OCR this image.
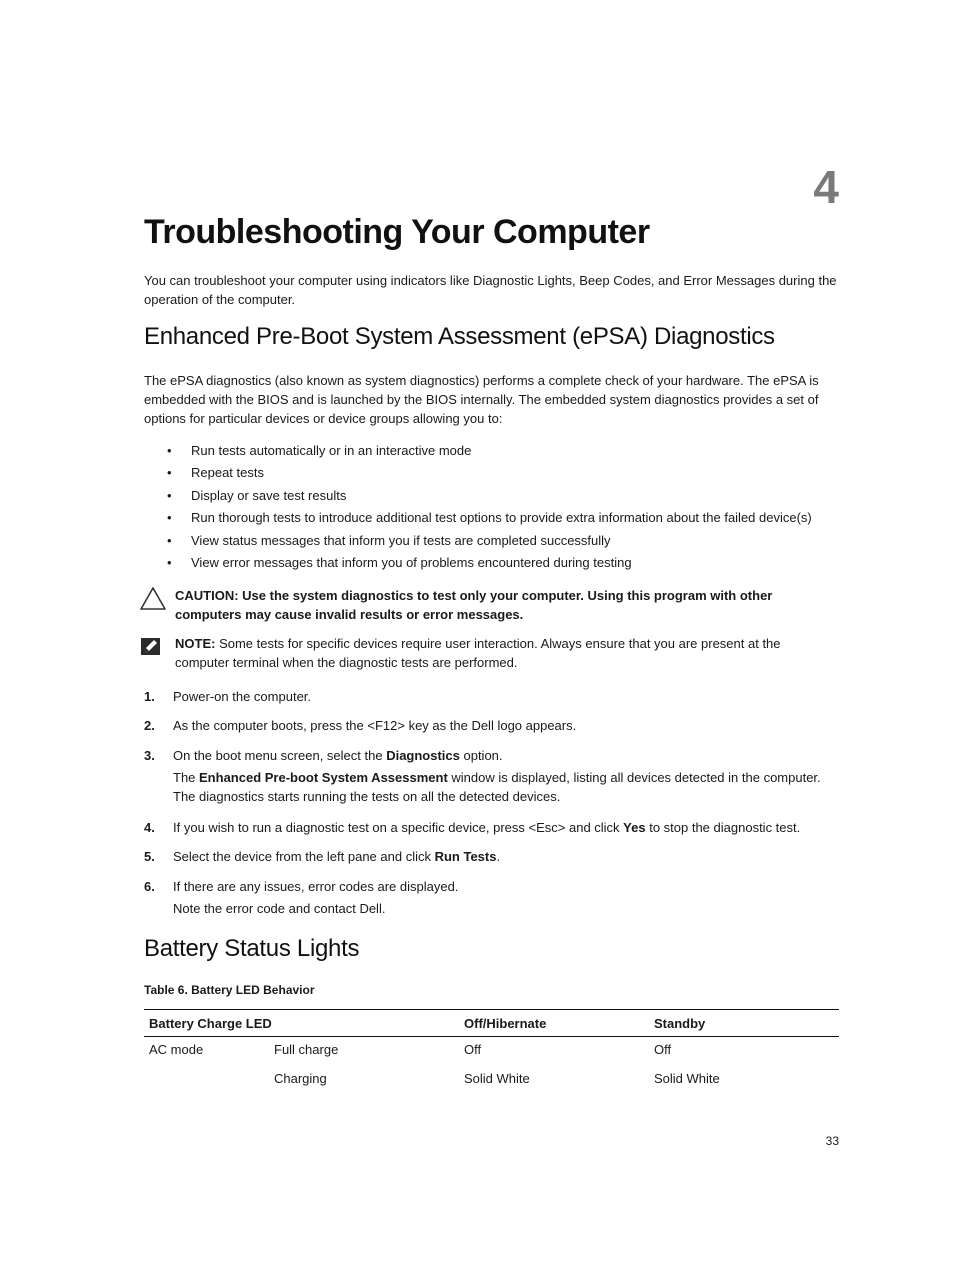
4
Troubleshooting Your Computer

You can troubleshoot your computer using indicators like Diagnostic Lights, Beep Codes, and Error Messages during the operation of the computer.

Enhanced Pre-Boot System Assessment (ePSA) Diagnostics

The ePSA diagnostics (also known as system diagnostics) performs a complete check of your hardware. The ePSA is embedded with the BIOS and is launched by the BIOS internally. The embedded system diagnostics provides a set of options for particular devices or device groups allowing you to:

• Run tests automatically or in an interactive mode
• Repeat tests
• Display or save test results
• Run thorough tests to introduce additional test options to provide extra information about the failed device(s)
• View status messages that inform you if tests are completed successfully
• View error messages that inform you of problems encountered during testing
CAUTION: Use the system diagnostics to test only your computer. Using this program with other computers may cause invalid results or error messages.
NOTE: Some tests for specific devices require user interaction. Always ensure that you are present at the computer terminal when the diagnostic tests are performed.
1. Power-on the computer.
2. As the computer boots, press the <F12> key as the Dell logo appears.
3. On the boot menu screen, select the Diagnostics option.
The Enhanced Pre-boot System Assessment window is displayed, listing all devices detected in the computer. The diagnostics starts running the tests on all the detected devices.
4. If you wish to run a diagnostic test on a specific device, press <Esc> and click Yes to stop the diagnostic test.
5. Select the device from the left pane and click Run Tests.
6. If there are any issues, error codes are displayed.
Note the error code and contact Dell.
Battery Status Lights

Table 6. Battery LED Behavior

Battery Charge LED		Off/Hibernate	Standby
AC mode	Full charge	Off	Off
	Charging	Solid White	Solid White
33
